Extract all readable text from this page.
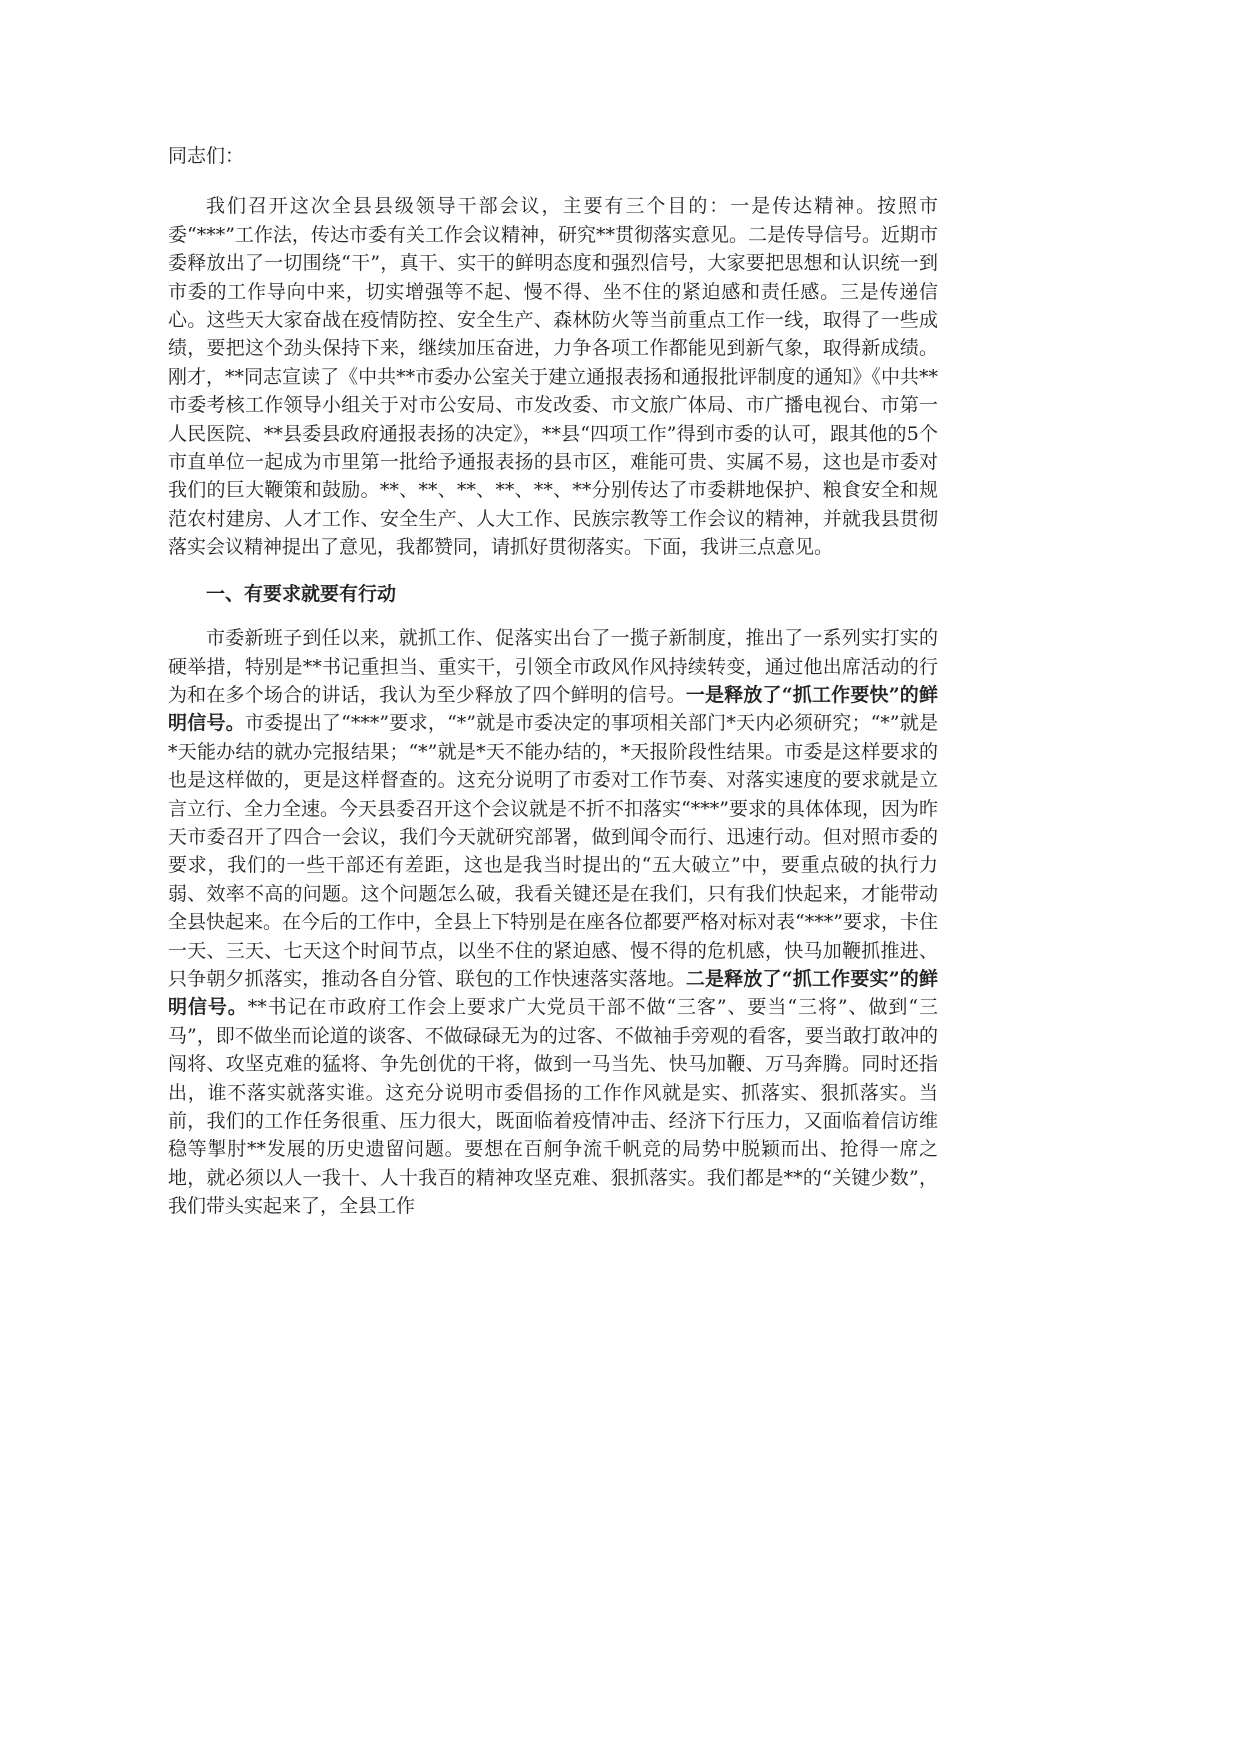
同志们：

我们召开这次全县县级领导干部会议，主要有三个目的：一是传达精神。按照市委“***”工作法，传达市委有关工作会议精神，研究**贯彻落实意见。二是传导信号。近期市委释放出了一切围绕“干”，真干、实干的鲜明态度和强烈信号，大家要把思想和认识统一到市委的工作导向中来，切实增强等不起、慢不得、坐不住的紧迫感和责任感。三是传递信心。这些天大家奋战在疫情防控、安全生产、森林防火等当前重点工作一线，取得了一些成绩，要把这个劲头保持下来，继续加压奋进，力争各项工作都能见到新气象，取得新成绩。刚才，**同志宣读了《中共**市委办公室关于建立通报表扬和通报批评制度的通知》《中共**市委考核工作领导小组关于对市公安局、市发改委、市文旅广体局、市广播电视台、市第一人民医院、**县委县政府通报表扬的决定》，**县“四项工作”得到市委的认可，跟其他的5个市直单位一起成为市里第一批给予通报表扬的县市区，难能可贵、实属不易，这也是市委对我们的巨大鞭策和鼓励。**、**、**、**、**、**分别传达了市委耕地保护、粮食安全和规范农村建房、人才工作、安全生产、人大工作、民族宗教等工作会议的精神，并就我县贯彻落实会议精神提出了意见，我都赞同，请抓好贯彻落实。下面，我讲三点意见。

一、有要求就要有行动

市委新班子到任以来，就抓工作、促落实出台了一揽子新制度，推出了一系列实打实的硬举措，特别是**书记重担当、重实干，引领全市政风作风持续转变，通过他出席活动的行为和在多个场合的讲话，我认为至少释放了四个鲜明的信号。一是释放了“抓工作要快”的鲜明信号。市委提出了“***”要求，“*”就是市委决定的事项相关部门*天内必须研究；“*”就是*天能办结的就办完报结果；“*”就是*天不能办结的，*天报阶段性结果。市委是这样要求的也是这样做的，更是这样督查的。这充分说明了市委对工作节奏、对落实速度的要求就是立言立行、全力全速。今天县委召开这个会议就是不折不扣落实“***”要求的具体体现，因为昨天市委召开了四合一会议，我们今天就研究部署，做到闻令而行、迅速行动。但对照市委的要求，我们的一些干部还有差距，这也是我当时提出的“五大破立”中，要重点破的执行力弱、效率不高的问题。这个问题怎么破，我看关键还是在我们，只有我们快起来，才能带动全县快起来。在今后的工作中，全县上下特别是在座各位都要严格对标对表“***”要求，卡住一天、三天、七天这个时间节点，以坐不住的紧迫感、慢不得的危机感，快马加鞭抓推进、只争朝夕抓落实，推动各自分管、联包的工作快速落实落地。二是释放了“抓工作要实”的鲜明信号。**书记在市政府工作会上要求广大党员干部不做“三客”、要当“三将”、做到“三马”，即不做坐而论道的谈客、不做碌碌无为的过客、不做袖手旁观的看客，要当敢打敢冲的闯将、攻坚克难的猛将、争先创优的干将，做到一马当先、快马加鞭、万马奔腾。同时还指出，谁不落实就落实谁。这充分说明市委倡扬的工作作风就是实、抓落实、狠抓落实。当前，我们的工作任务很重、压力很大，既面临着疫情冲击、经济下行压力，又面临着信访维稳等掣肘**发展的历史遗留问题。要想在百舸争流千帆竞的局势中脱颖而出、抢得一席之地，就必须以人一我十、人十我百的精神攻坚克难、狠抓落实。我们都是**的“关键少数”，我们带头实起来了，全县工作
